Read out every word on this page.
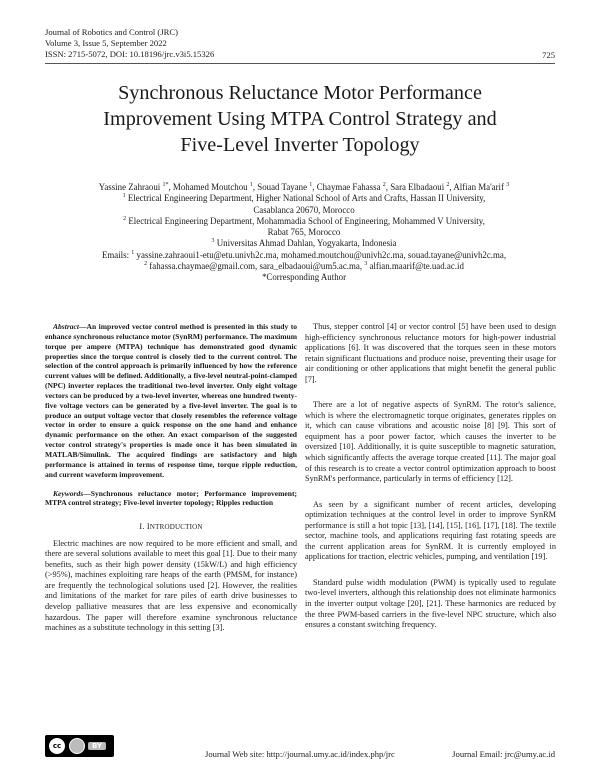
Journal of Robotics and Control (JRC)
Volume 3, Issue 5, September 2022
ISSN: 2715-5072, DOI: 10.18196/jrc.v3i5.15326	725
Synchronous Reluctance Motor Performance
Improvement Using MTPA Control Strategy and
Five-Level Inverter Topology
Yassine Zahraoui $^{1*}$, Mohamed Moutchou $^1$, Souad Tayane $^1$, Chaymae Fahassa $^2$, Sara Elbadaoui $^2$, Alfian Ma'arif $^3$
$^1$ Electrical Engineering Department, Higher National School of Arts and Crafts, Hassan II University,
Casablanca 20670, Morocco
$^2$ Electrical Engineering Department, Mohammadia School of Engineering, Mohammed V University,
Rabat 765, Morocco
$^3$ Universitas Ahmad Dahlan, Yogyakarta, Indonesia
Emails: $^1$ yassine.zahraoui1-etu@etu.univh2c.ma, mohamed.moutchou@univh2c.ma, souad.tayane@univh2c.ma,
$^2$ fahassa.chaymae@gmail.com, sara_elbadaoui@um5.ac.ma, $^3$ alfian.maarif@te.uad.ac.id
*Corresponding Author

Abstract—An improved vector control method is presented in this study to enhance synchronous reluctance motor (SynRM) performance. The maximum torque per ampere (MTPA) technique has demonstrated good dynamic properties since the torque control is closely tied to the current control. The selection of the control approach is primarily influenced by how the reference current values will be defined. Additionally, a five-level neutral-point-clamped (NPC) inverter replaces the traditional two-level inverter. Only eight voltage vectors can be produced by a two-level inverter, whereas one hundred twenty-five voltage vectors can be generated by a five-level inverter. The goal is to produce an output voltage vector that closely resembles the reference voltage vector in order to ensure a quick response on the one hand and enhance dynamic performance on the other. An exact comparison of the suggested vector control strategy's properties is made once it has been simulated in MATLAB/Simulink. The acquired findings are satisfactory and high performance is attained in terms of response time, torque ripple reduction, and current waveform improvement.

Keywords—Synchronous reluctance motor; Performance improvement; MTPA control strategy; Five-level inverter topology; Ripples reduction

I. INTRODUCTION

Electric machines are now required to be more efficient and small, and there are several solutions available to meet this goal [1]. Due to their many benefits, such as their high power density (15kW/L) and high efficiency (>95%), machines exploiting rare heaps of the earth (PMSM, for instance) are frequently the technological solutions used [2]. However, the realities and limitations of the market for rare piles of earth drive businesses to develop palliative measures that are less expensive and economically hazardous. The paper will therefore examine synchronous reluctance machines as a substitute technology in this setting [3].

Thus, stepper control [4] or vector control [5] have been used to design high-efficiency synchronous reluctance motors for high-power industrial applications [6]. It was discovered that the torques seen in these motors retain significant fluctuations and produce noise, preventing their usage for air conditioning or other applications that might benefit the general public [7].

There are a lot of negative aspects of SynRM. The rotor's salience, which is where the electromagnetic torque originates, generates ripples on it, which can cause vibrations and acoustic noise [8] [9]. This sort of equipment has a poor power factor, which causes the inverter to be oversized [10]. Additionally, it is quite susceptible to magnetic saturation, which significantly affects the average torque created [11]. The major goal of this research is to create a vector control optimization approach to boost SynRM's performance, particularly in terms of efficiency [12].

As seen by a significant number of recent articles, developing optimization techniques at the control level in order to improve SynRM performance is still a hot topic [13], [14], [15], [16], [17], [18]. The textile sector, machine tools, and applications requiring fast rotating speeds are the current application areas for SynRM. It is currently employed in applications for traction, electric vehicles, pumping, and ventilation [19].

Standard pulse width modulation (PWM) is typically used to regulate two-level inverters, although this relationship does not eliminate harmonics in the inverter output voltage [20], [21]. These harmonics are reduced by the three PWM-based carriers in the five-level NPC structure, which also ensures a constant switching frequency.

cc	BY
Journal Web site: http://journal.umy.ac.id/index.php/jrc	Journal Email: jrc@umy.ac.id
